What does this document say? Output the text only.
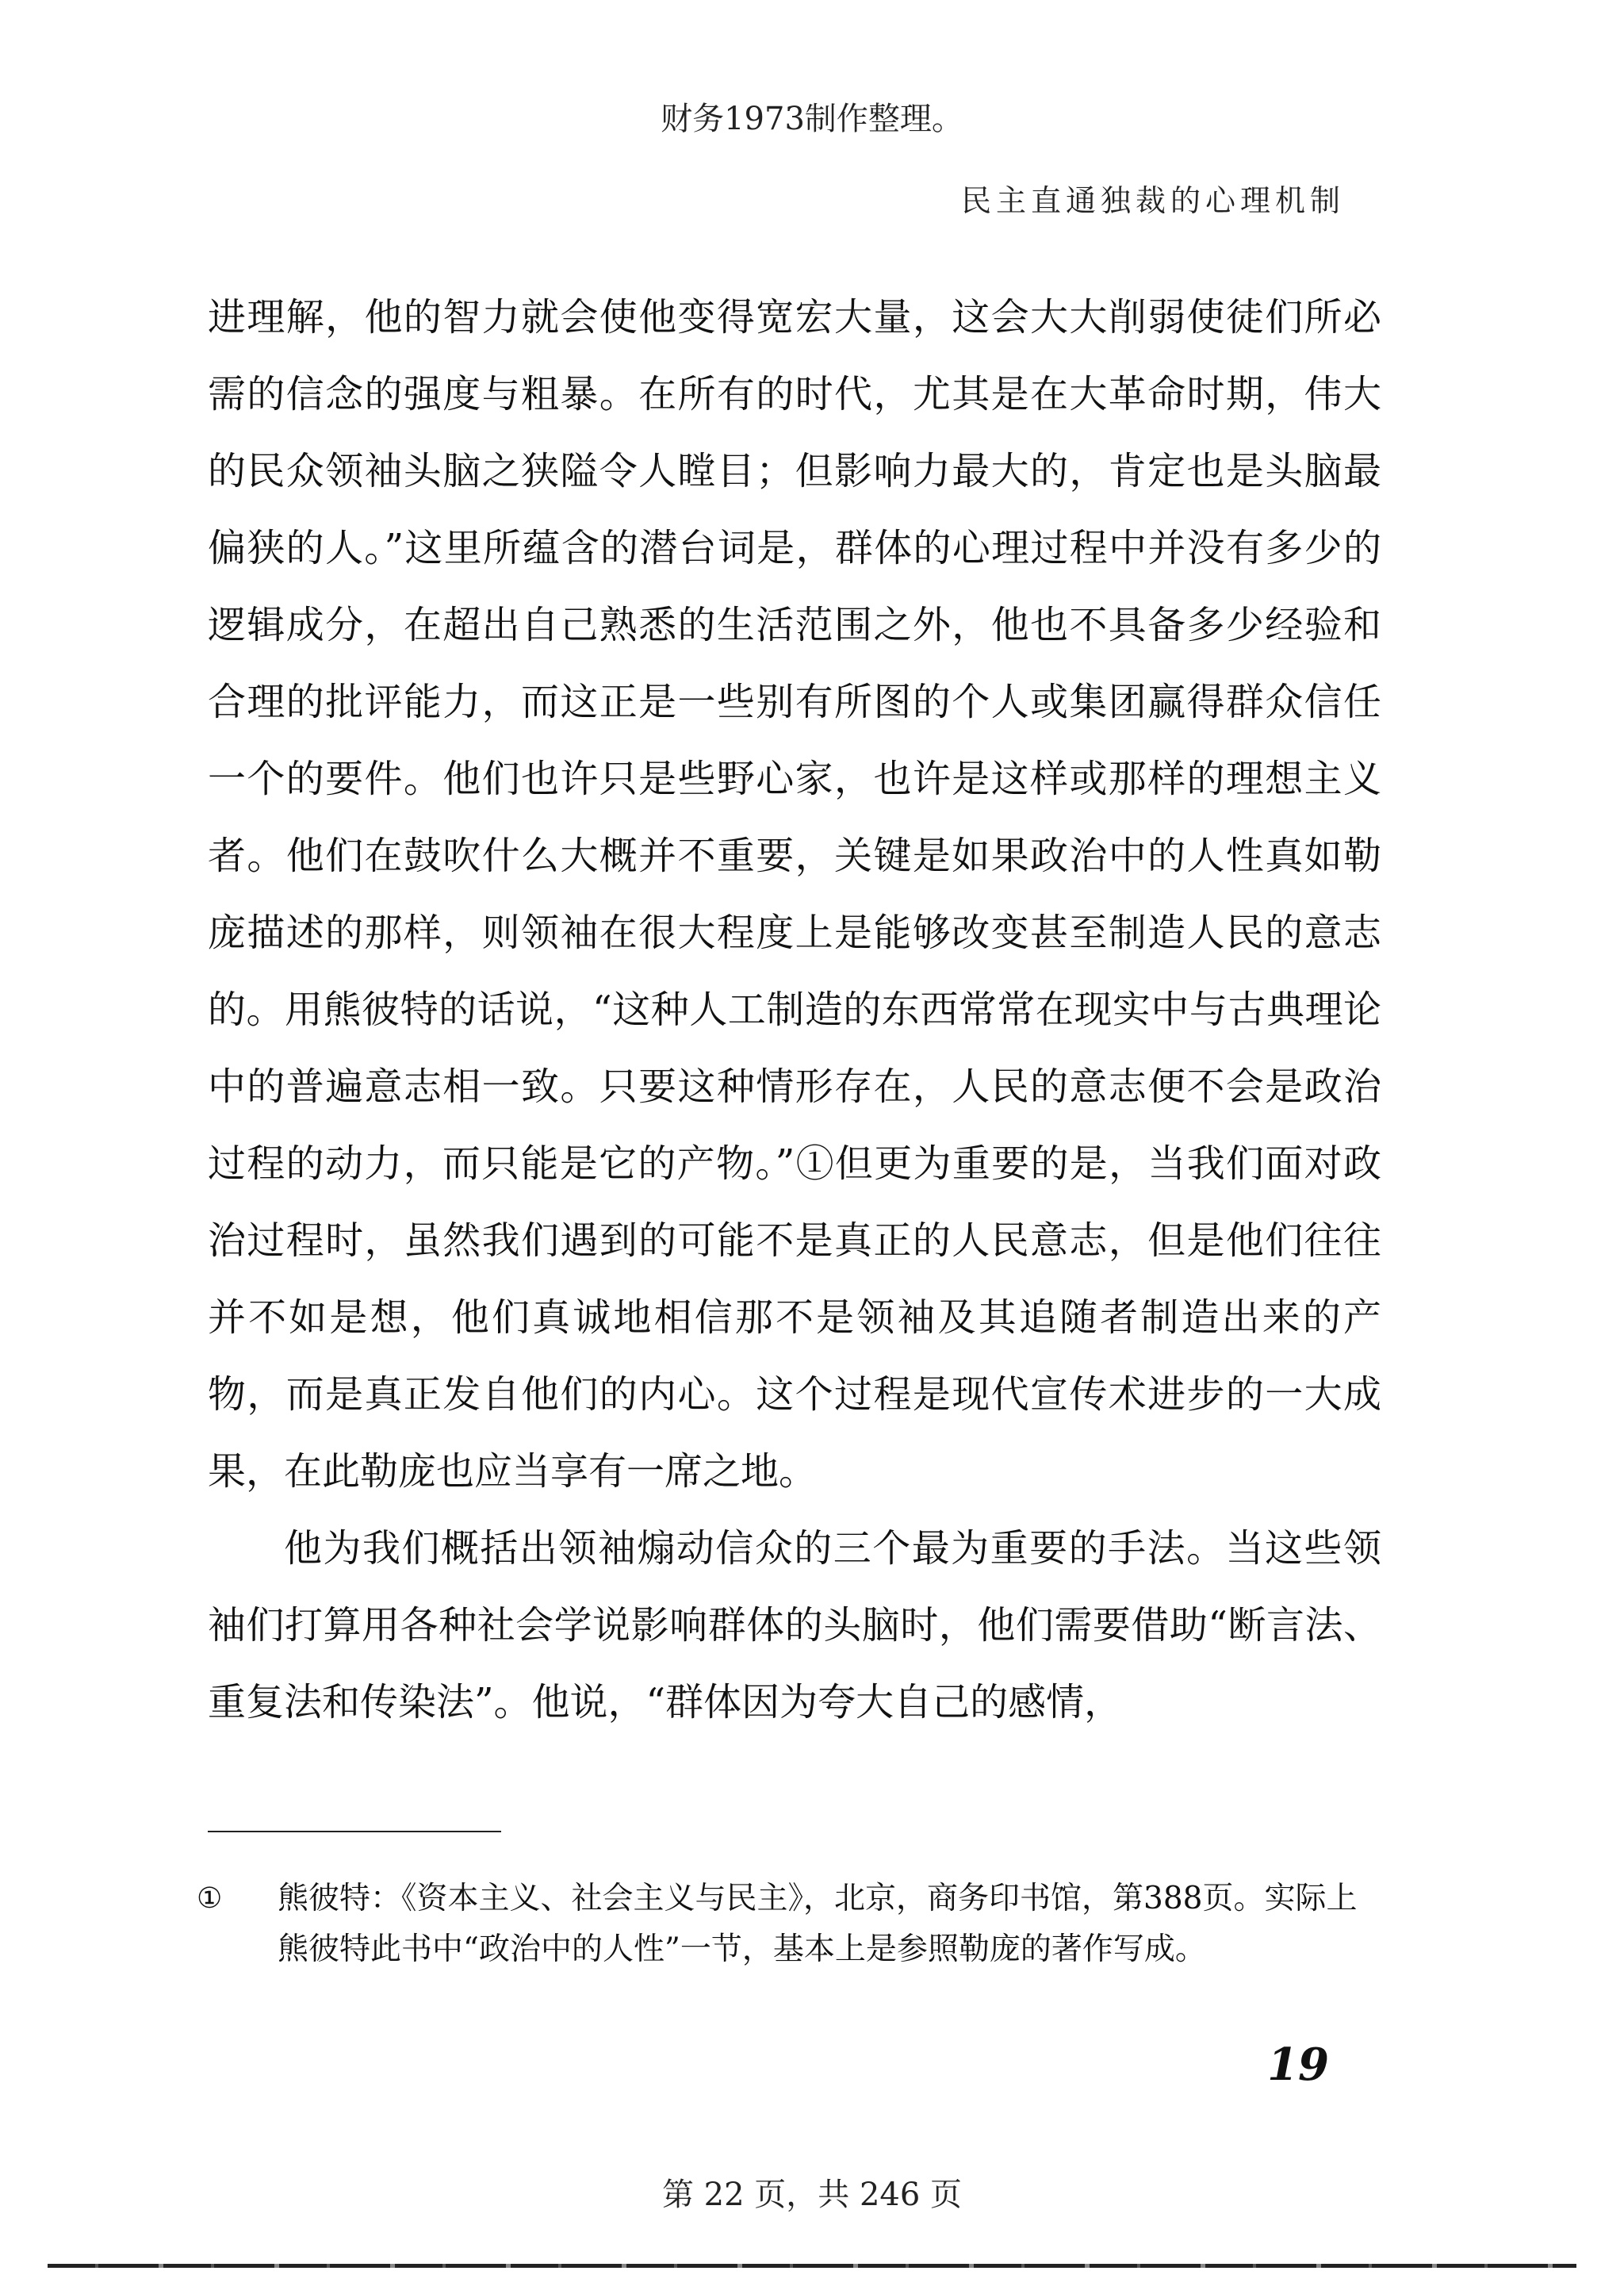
财务1973制作整理。
民主直通独裁的心理机制

进理解，他的智力就会使他变得宽宏大量，这会大大削弱使徒们所必需的信念的强度与粗暴。在所有的时代，尤其是在大革命时期，伟大的民众领袖头脑之狭隘令人瞠目；但影响力最大的，肯定也是头脑最偏狭的人。”这里所蕴含的潜台词是，群体的心理过程中并没有多少的逻辑成分，在超出自己熟悉的生活范围之外，他也不具备多少经验和合理的批评能力，而这正是一些别有所图的个人或集团赢得群众信任一个的要件。他们也许只是些野心家，也许是这样或那样的理想主义者。他们在鼓吹什么大概并不重要，关键是如果政治中的人性真如勒庞描述的那样，则领袖在很大程度上是能够改变甚至制造人民的意志的。用熊彼特的话说，“这种人工制造的东西常常在现实中与古典理论中的普遍意志相一致。只要这种情形存在，人民的意志便不会是政治过程的动力，而只能是它的产物。”①但更为重要的是，当我们面对政治过程时，虽然我们遇到的可能不是真正的人民意志，但是他们往往并不如是想，他们真诚地相信那不是领袖及其追随者制造出来的产物，而是真正发自他们的内心。这个过程是现代宣传术进步的一大成果，在此勒庞也应当享有一席之地。

他为我们概括出领袖煽动信众的三个最为重要的手法。当这些领袖们打算用各种社会学说影响群体的头脑时，他们需要借助“断言法、重复法和传染法”。他说，“群体因为夸大自己的感情，

① 熊彼特：《资本主义、社会主义与民主》，北京，商务印书馆，第388页。实际上熊彼特此书中“政治中的人性”一节，基本上是参照勒庞的著作写成。
19
第 22 页，共 246 页
